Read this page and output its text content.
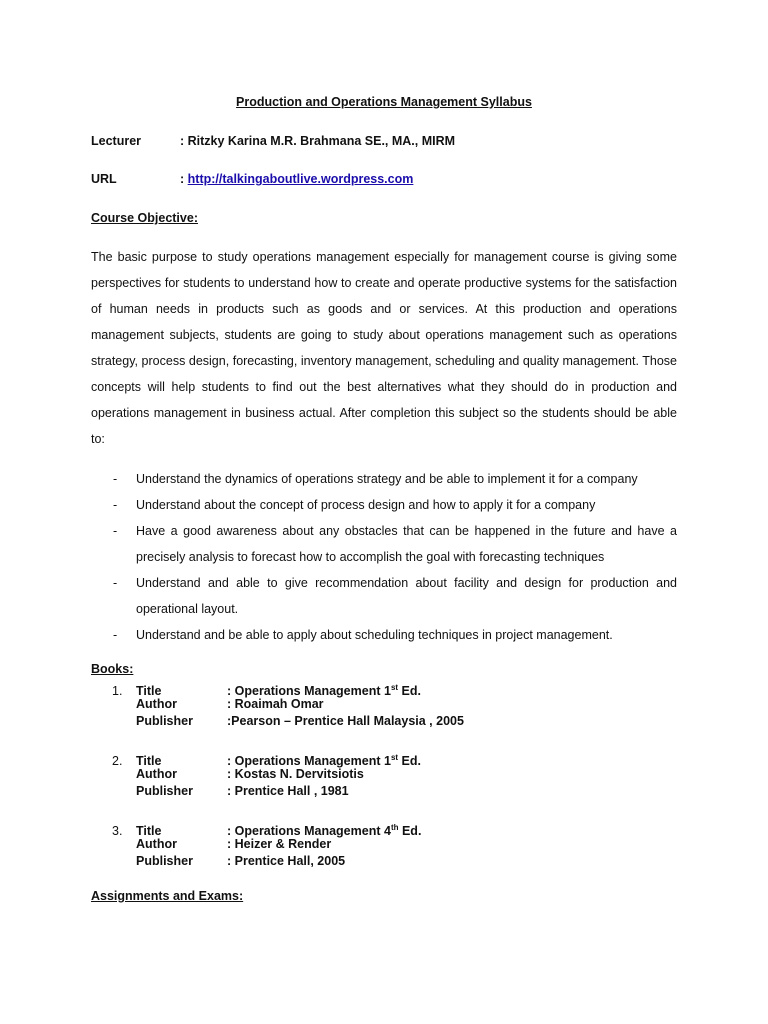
Production and Operations Management Syllabus
Lecturer	: Ritzky Karina M.R. Brahmana SE., MA., MIRM
URL	: http://talkingaboutlive.wordpress.com
Course Objective:
The basic purpose to study operations management especially for management course is giving some perspectives for students to understand how to create and operate productive systems for the satisfaction of human needs in products such as goods and or services. At this production and operations management subjects, students are going to study about operations management such as operations strategy, process design, forecasting, inventory management, scheduling and quality management. Those concepts will help students to find out the best alternatives what they should do in production and operations management in business actual. After completion this subject so the students should be able to:
- Understand the dynamics of operations strategy and be able to implement it for a company
- Understand about the concept of process design and how to apply it for a company
- Have a good awareness about any obstacles that can be happened in the future and have a precisely analysis to forecast how to accomplish the goal with forecasting techniques
- Understand and able to give recommendation about facility and design for production and operational layout.
- Understand and be able to apply about scheduling techniques in project management.
Books:
1. Title	: Operations Management 1st Ed.
Author	: Roaimah Omar
Publisher	:Pearson – Prentice Hall Malaysia , 2005
2. Title	: Operations Management 1st Ed.
Author	: Kostas N. Dervitsiotis
Publisher	: Prentice Hall , 1981
3. Title	: Operations Management 4th Ed.
Author	: Heizer & Render
Publisher	: Prentice Hall, 2005
Assignments and Exams:
